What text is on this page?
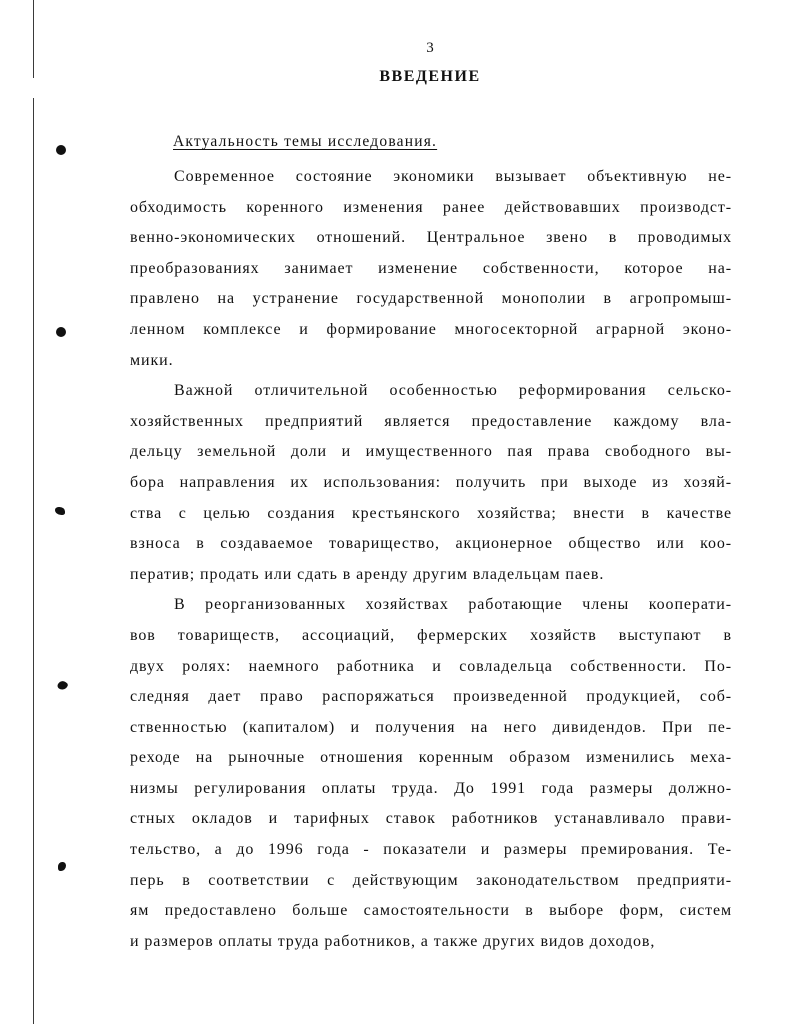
3
ВВЕДЕНИЕ
Актуальность темы исследования.
Современное состояние экономики вызывает объективную не-
обходимость коренного изменения ранее действовавших производст-
венно-экономических отношений. Центральное звено в проводимых
преобразованиях занимает изменение собственности, которое на-
правлено на устранение государственной монополии в агропромыш-
ленном комплексе и формирование многосекторной аграрной эконо-
мики.
Важной отличительной особенностью реформирования сельско-
хозяйственных предприятий является предоставление каждому вла-
дельцу земельной доли и имущественного пая права свободного вы-
бора направления их использования: получить при выходе из хозяй-
ства с целью создания крестьянского хозяйства; внести в качестве
взноса в создаваемое товарищество, акционерное общество или коо-
ператив; продать или сдать в аренду другим владельцам паев.
В реорганизованных хозяйствах работающие члены кооперати-
вов товариществ, ассоциаций, фермерских хозяйств выступают в
двух ролях: наемного работника и совладельца собственности. По-
следняя дает право распоряжаться произведенной продукцией, соб-
ственностью (капиталом) и получения на него дивидендов. При пе-
реходе на рыночные отношения коренным образом изменились меха-
низмы регулирования оплаты труда. До 1991 года размеры должно-
стных окладов и тарифных ставок работников устанавливало прави-
тельство, а до 1996 года - показатели и размеры премирования. Те-
перь в соответствии с действующим законодательством предприяти-
ям предоставлено больше самостоятельности в выборе форм, систем
и размеров оплаты труда работников, а также других видов доходов,
